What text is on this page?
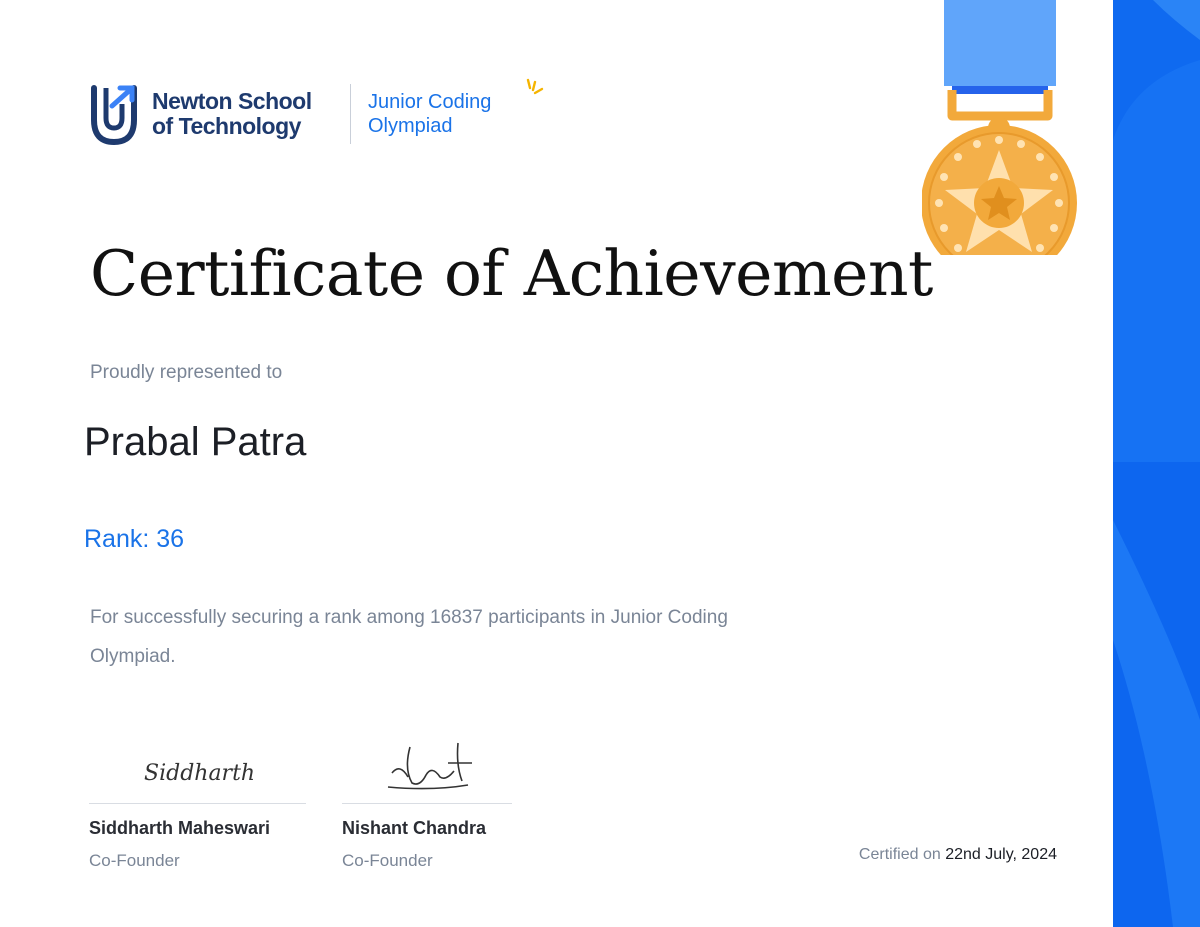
Newton School of Technology
Junior Coding Olympiad
Certificate of Achievement
Proudly represented to
Prabal Patra
Rank: 36
For successfully securing a rank among 16837 participants in Junior Coding Olympiad.
Siddharth
Siddharth Maheswari
Co-Founder
Nishant Chandra
Co-Founder	Certified on 22nd July, 2024
